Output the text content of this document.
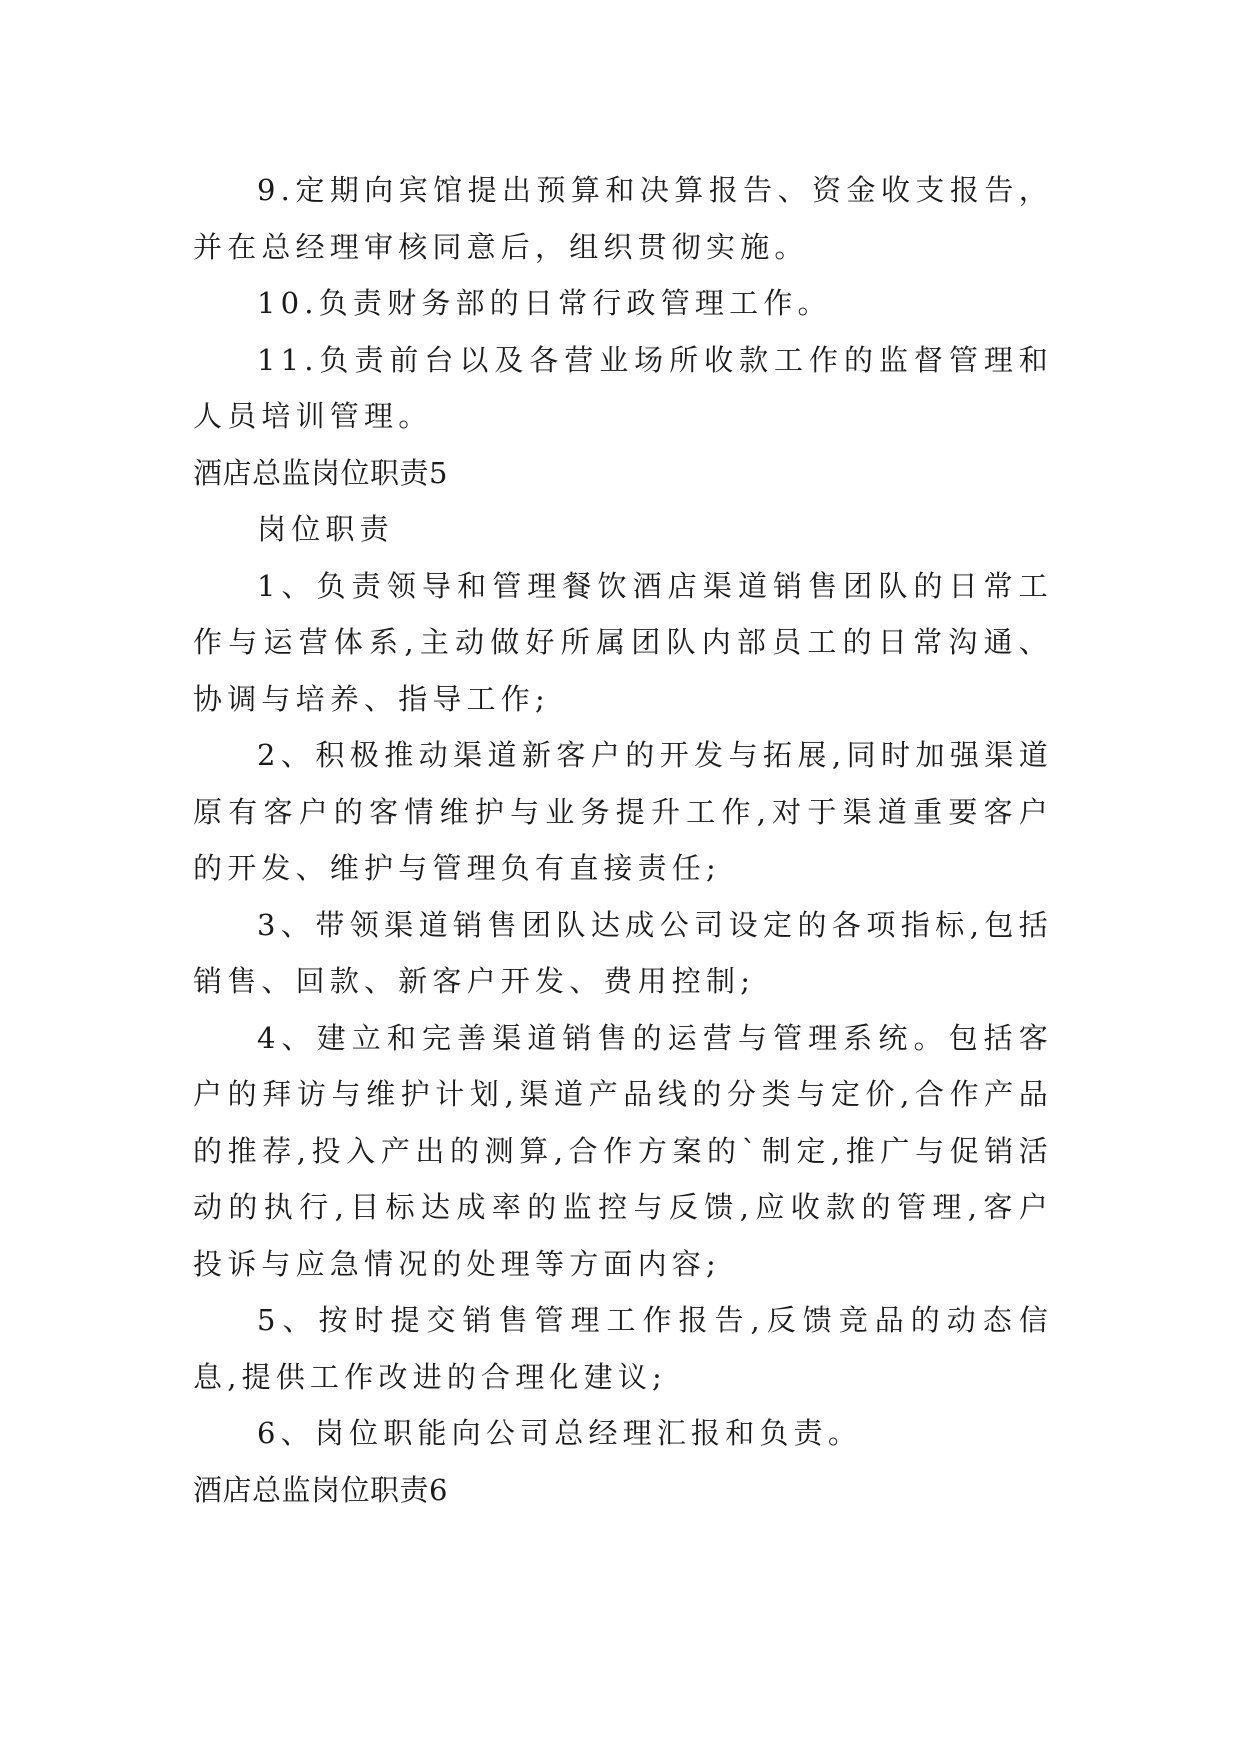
9.定期向宾馆提出预算和决算报告、资金收支报告，并在总经理审核同意后，组织贯彻实施。

10.负责财务部的日常行政管理工作。

11.负责前台以及各营业场所收款工作的监督管理和人员培训管理。

酒店总监岗位职责5

岗位职责

1、负责领导和管理餐饮酒店渠道销售团队的日常工作与运营体系,主动做好所属团队内部员工的日常沟通、协调与培养、指导工作;

2、积极推动渠道新客户的开发与拓展,同时加强渠道原有客户的客情维护与业务提升工作,对于渠道重要客户的开发、维护与管理负有直接责任;

3、带领渠道销售团队达成公司设定的各项指标,包括销售、回款、新客户开发、费用控制;

4、建立和完善渠道销售的运营与管理系统。包括客户的拜访与维护计划,渠道产品线的分类与定价,合作产品的推荐,投入产出的测算,合作方案的`制定,推广与促销活动的执行,目标达成率的监控与反馈,应收款的管理,客户投诉与应急情况的处理等方面内容;

5、按时提交销售管理工作报告,反馈竞品的动态信息,提供工作改进的合理化建议;

6、岗位职能向公司总经理汇报和负责。

酒店总监岗位职责6
